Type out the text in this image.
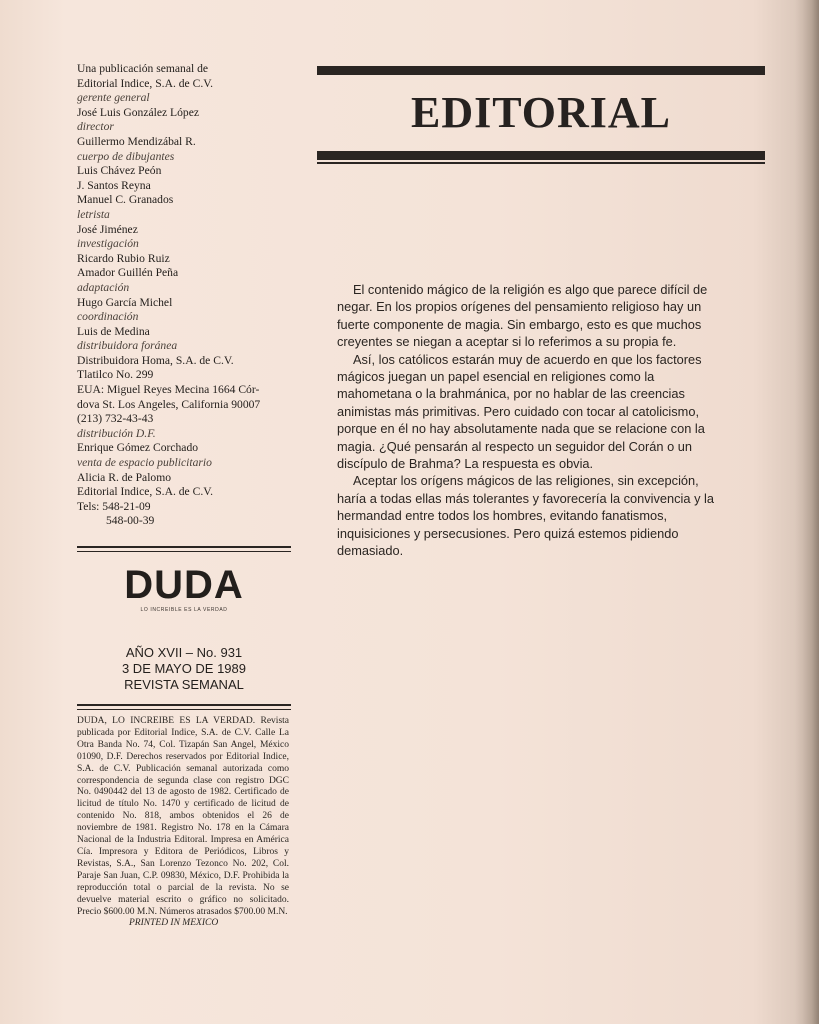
Una publicación semanal de
Editorial Indice, S.A. de C.V.
gerente general
José Luis González López
director
Guillermo Mendizábal R.
cuerpo de dibujantes
Luis Chávez Peón
J. Santos Reyna
Manuel C. Granados
letrista
José Jiménez
investigación
Ricardo Rubio Ruiz
Amador Guillén Peña
adaptación
Hugo García Michel
coordinación
Luis de Medina
distribuidora foránea
Distribuidora Homa, S.A. de C.V.
Tlatilco No. 299
EUA: Miguel Reyes Mecina 1664 Cór-
dova St. Los Angeles, California 90007
(213) 732-43-43
distribución D.F.
Enrique Gómez Corchado
venta de espacio publicitario
Alicia R. de Palomo
Editorial Indice, S.A. de C.V.
Tels: 548-21-09
548-00-39
DUDA
LO INCREIBLE ES LA VERDAD
AÑO XVII – No. 931
3 DE MAYO DE 1989
REVISTA SEMANAL
DUDA, LO INCREIBE ES LA VERDAD. Revista publicada por Editorial Indice, S.A. de C.V. Calle La Otra Banda No. 74, Col. Tizapán San Angel, México 01090, D.F. Derechos reservados por Editorial Indice, S.A. de C.V. Publicación semanal autorizada como correspondencia de segunda clase con registro DGC No. 0490442 del 13 de agosto de 1982. Certificado de licitud de título No. 1470 y certificado de licitud de contenido No. 818, ambos obtenidos el 26 de noviembre de 1981. Registro No. 178 en la Cámara Nacional de la Industria Editoral. Impresa en América Cía. Impresora y Editora de Periódicos, Libros y Revistas, S.A., San Lorenzo Tezonco No. 202, Col. Paraje San Juan, C.P. 09830, México, D.F. Prohibida la reproducción total o parcial de la revista. No se devuelve material escrito o gráfico no solicitado. Precio $600.00 M.N. Números atrasados $700.00 M.N.
PRINTED IN MEXICO
EDITORIAL

El contenido mágico de la religión es algo que parece difícil de negar. En los propios orígenes del pensamiento religioso hay un fuerte componente de magia. Sin embargo, esto es que muchos creyentes se niegan a aceptar si lo referimos a su propia fe.

Así, los católicos estarán muy de acuerdo en que los factores mágicos juegan un papel esencial en religiones como la mahometana o la brahmánica, por no hablar de las creencias animistas más primitivas. Pero cuidado con tocar al catolicismo, porque en él no hay absolutamente nada que se relacione con la magia. ¿Qué pensarán al respecto un seguidor del Corán o un discípulo de Brahma? La respuesta es obvia.

Aceptar los orígens mágicos de las religiones, sin excepción, haría a todas ellas más tolerantes y favorecería la convivencia y la hermandad entre todos los hombres, evitando fanatismos, inquisiciones y persecusiones. Pero quizá estemos pidiendo demasiado.
